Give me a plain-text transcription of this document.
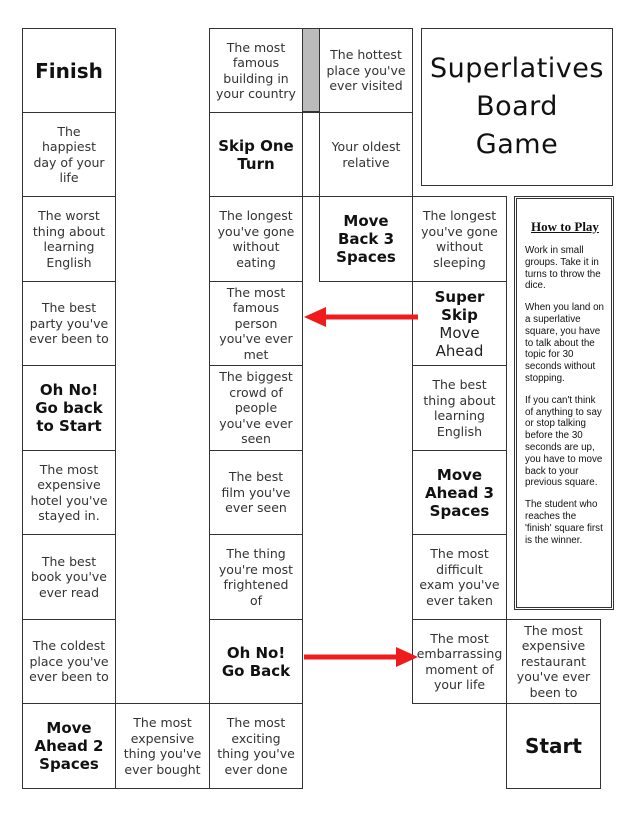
Finish
The happiest day of your life
The worst thing about learning English
The best party you've ever been to
Oh No! Go back to Start
The most expensive hotel you've stayed in.
The best book you've ever read
The coldest place you've ever been to
Move Ahead 2 Spaces
The most expensive thing you've ever bought
The most famous building in your country
Skip One Turn
The longest you've gone without eating
The most famous person you've ever met
The biggest crowd of people you've ever seen
The best film you've ever seen
The thing you're most frightened of
Oh No! Go Back
The most exciting thing you've ever done
The hottest place you've ever visited
Your oldest relative
Move Back 3 Spaces
The longest you've gone without sleeping
Super Skip
Move Ahead
The best thing about learning English
Move Ahead 3 Spaces
The most difficult exam you've ever taken
The most embarrassing moment of your life
The most expensive restaurant you've ever been to
Start
Superlatives
Board
Game
How to Play

Work in small groups. Take it in turns to throw the dice.

When you land on a superlative square, you have to talk about the topic for 30 seconds without stopping.

If you can't think of anything to say or stop talking before the 30 seconds are up, you have to move back to your previous square.

The student who reaches the 'finish' square first is the winner.
